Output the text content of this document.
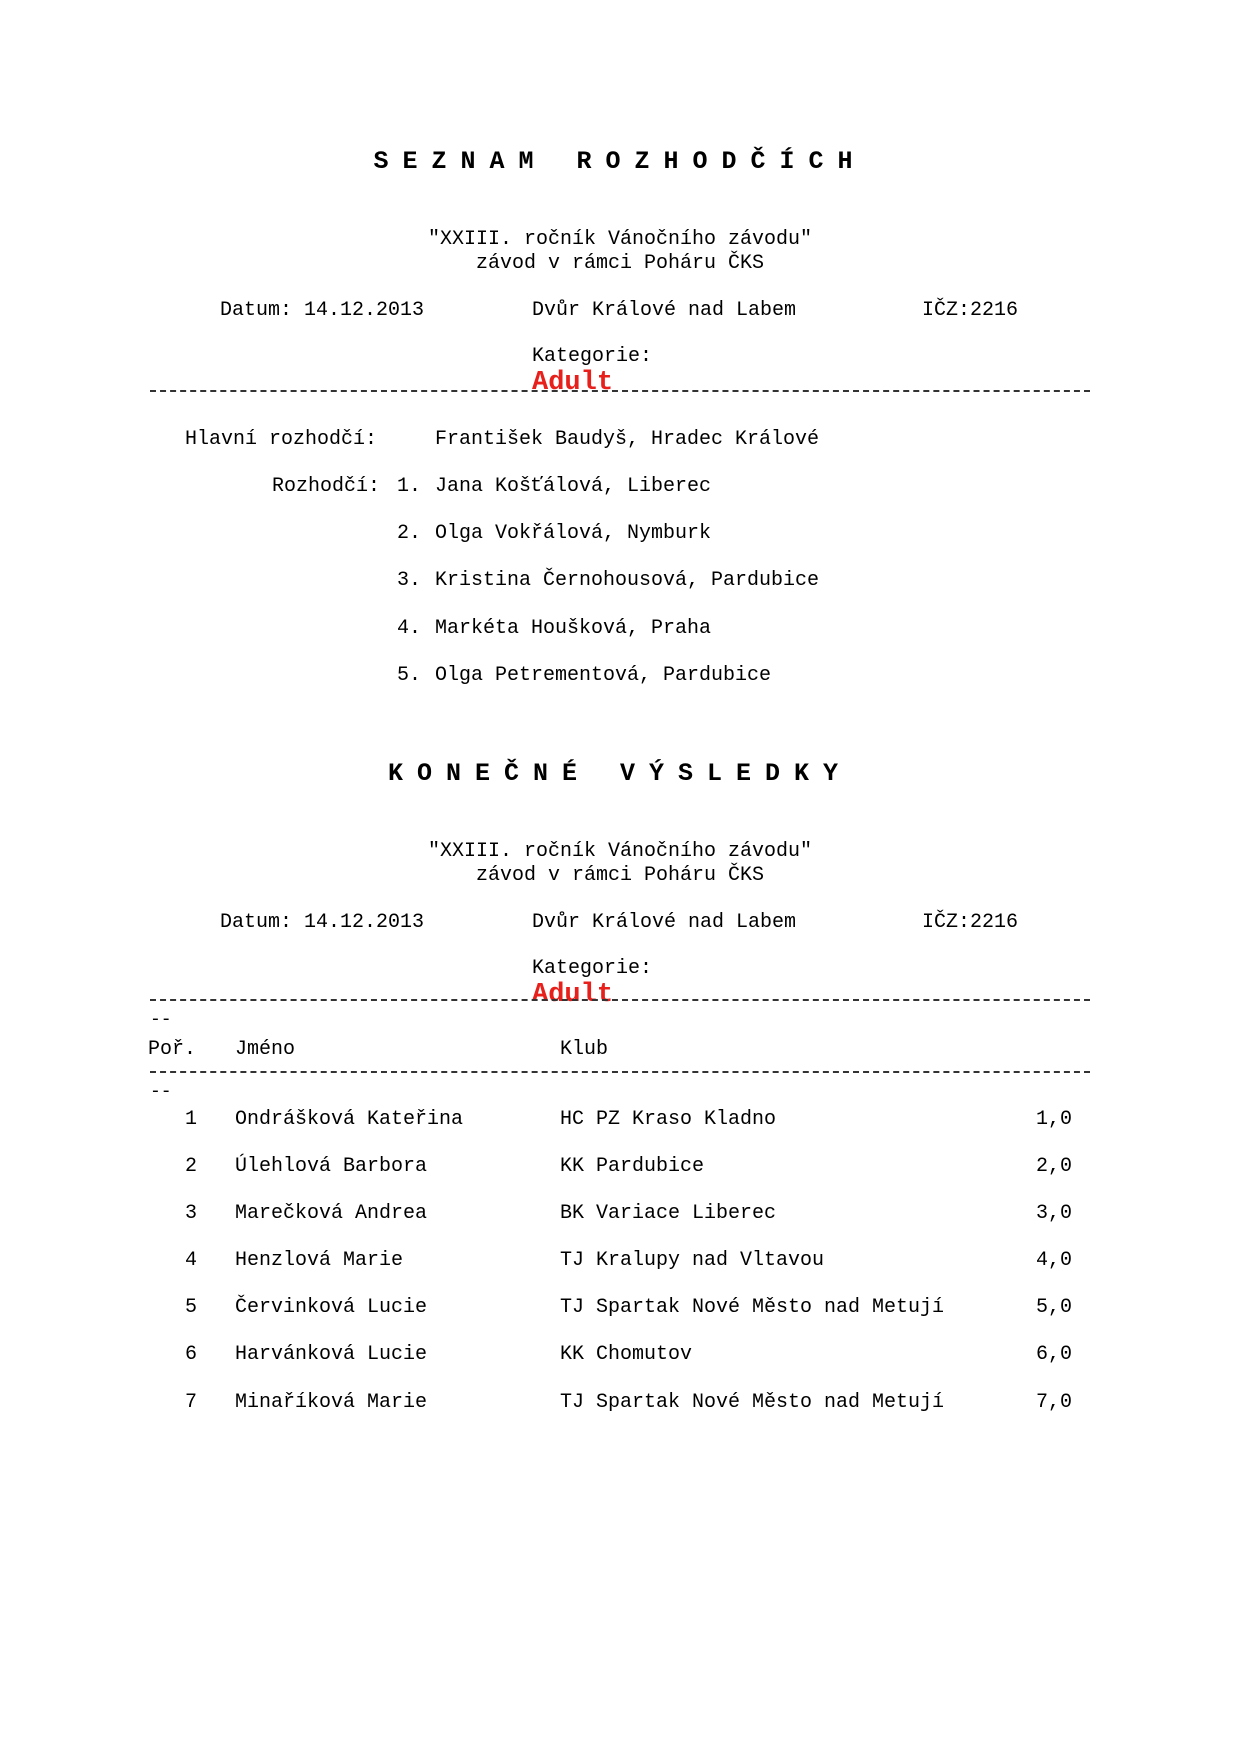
SEZNAM ROZHODČÍCH
"XXIII. ročník Vánočního závodu"
závod v rámci Poháru ČKS
Datum: 14.12.2013	Dvůr Králové nad Labem	IČZ:2216

Kategorie:
Adult

Hlavní rozhodčí:	František Baudyš, Hradec Králové
Rozhodčí: 1. Jana Košťálová, Liberec
2. Olga Vokřálová, Nymburk
3. Kristina Černohousová, Pardubice
4. Markéta Houšková, Praha
5. Olga Petrementová, Pardubice
KONEČNÉ VÝSLEDKY
"XXIII. ročník Vánočního závodu"
závod v rámci Poháru ČKS
Datum: 14.12.2013	Dvůr Králové nad Labem	IČZ:2216

Kategorie:
Adult

--
Poř. Jméno	Klub
--
1 Ondrášková Kateřina	HC PZ Kraso Kladno	1,0
2 Úlehlová Barbora	KK Pardubice	2,0
3 Marečková Andrea	BK Variace Liberec	3,0
4 Henzlová Marie	TJ Kralupy nad Vltavou	4,0
5 Červinková Lucie	TJ Spartak Nové Město nad Metují	5,0
6 Harvánková Lucie	KK Chomutov	6,0
7 Minaříková Marie	TJ Spartak Nové Město nad Metují	7,0
